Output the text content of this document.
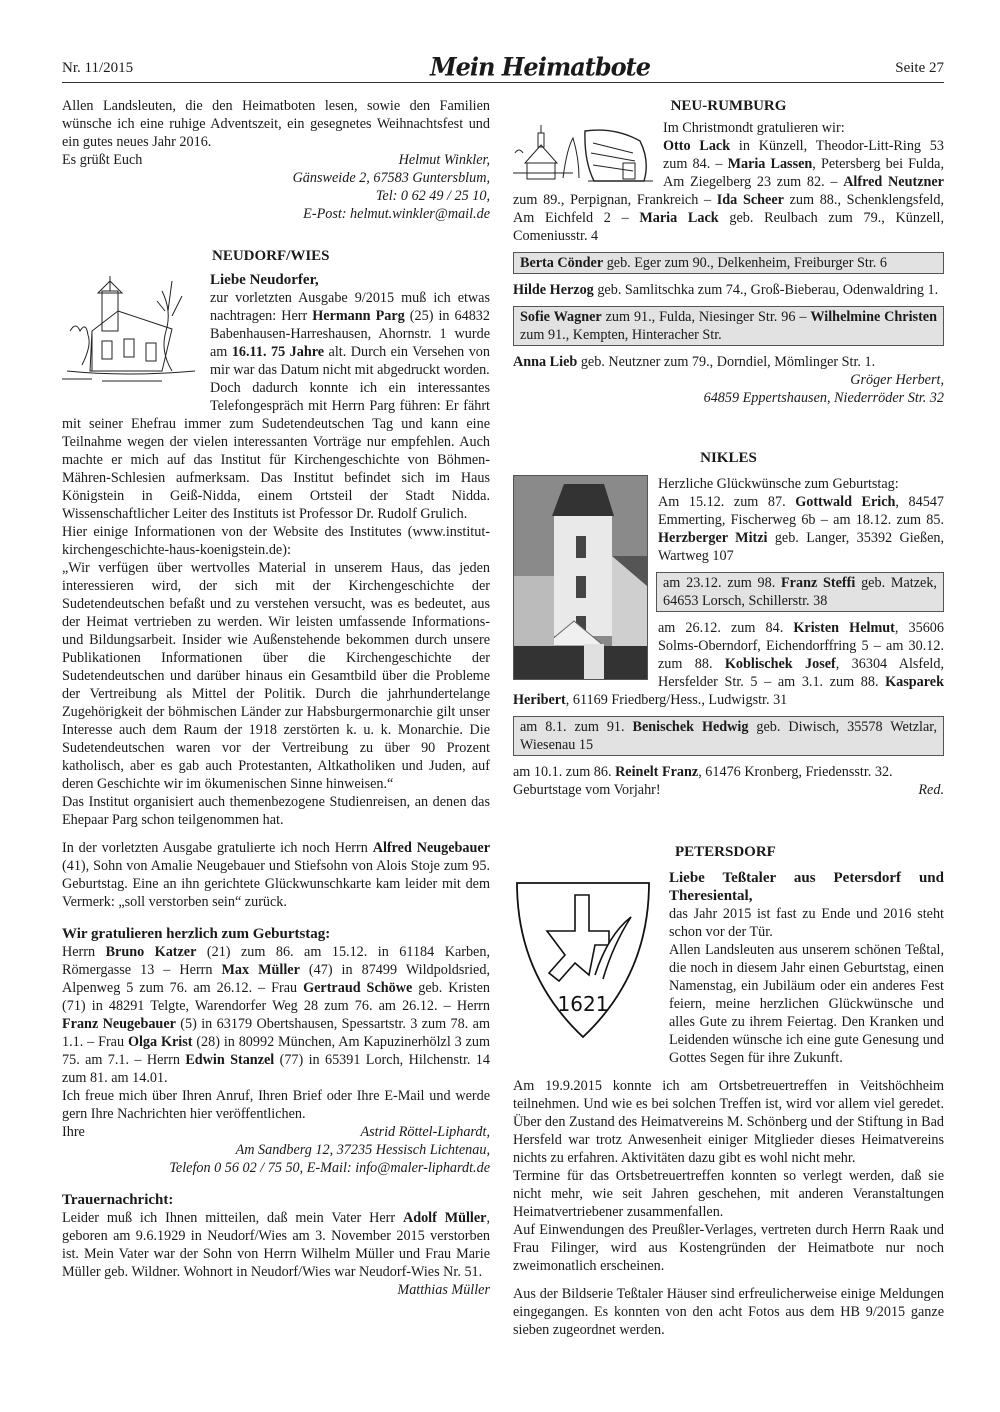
Nr. 11/2015	Mein Heimatbote	Seite 27

Allen Landsleuten, die den Heimatboten lesen, sowie den Familien wünsche ich eine ruhige Adventszeit, ein gesegnetes Weihnachtsfest und ein gutes neues Jahr 2016.

Es grüßt Euch	Helmut Winkler,

Gänsweide 2, 67583 Guntersblum,

Tel: 0 62 49 / 25 10,

E-Post: helmut.winkler@mail.de

NEUDORF/WIES

Liebe Neudorfer,

zur vorletzten Ausgabe 9/2015 muß ich etwas nachtragen: Herr Hermann Parg (25) in 64832 Babenhausen-Harreshausen, Ahornstr. 1 wurde am 16.11. 75 Jahre alt. Durch ein Versehen von mir war das Datum nicht mit abgedruckt worden.

Doch dadurch konnte ich ein interessantes Telefongespräch mit Herrn Parg führen: Er fährt mit seiner Ehefrau immer zum Sudetendeutschen Tag und kann eine Teilnahme wegen der vielen interessanten Vorträge nur empfehlen. Auch machte er mich auf das Institut für Kirchengeschichte von Böhmen-Mähren-Schlesien aufmerksam. Das Institut befindet sich im Haus Königstein in Geiß-Nidda, einem Ortsteil der Stadt Nidda. Wissenschaftlicher Leiter des Instituts ist Professor Dr. Rudolf Grulich.

Hier einige Informationen von der Website des Institutes (www.institut-kirchengeschichte-haus-koenigstein.de):

„Wir verfügen über wertvolles Material in unserem Haus, das jeden interessieren wird, der sich mit der Kirchengeschichte der Sudetendeutschen befaßt und zu verstehen versucht, was es bedeutet, aus der Heimat vertrieben zu werden. Wir leisten umfassende Informations- und Bildungsarbeit. Insider wie Außenstehende bekommen durch unsere Publikationen Informationen über die Kirchengeschichte der Sudetendeutschen und darüber hinaus ein Gesamtbild über die Probleme der Vertreibung als Mittel der Politik. Durch die jahrhundertelange Zugehörigkeit der böhmischen Länder zur Habsburgermonarchie gilt unser Interesse auch dem Raum der 1918 zerstörten k. u. k. Monarchie. Die Sudetendeutschen waren vor der Vertreibung zu über 90 Prozent katholisch, aber es gab auch Protestanten, Altkatholiken und Juden, auf deren Geschichte wir im ökumenischen Sinne hinweisen.“

Das Institut organisiert auch themenbezogene Studienreisen, an denen das Ehepaar Parg schon teilgenommen hat.

In der vorletzten Ausgabe gratulierte ich noch Herrn Alfred Neugebauer (41), Sohn von Amalie Neugebauer und Stiefsohn von Alois Stoje zum 95. Geburtstag. Eine an ihn gerichtete Glückwunschkarte kam leider mit dem Vermerk: „soll verstorben sein“ zurück.

Wir gratulieren herzlich zum Geburtstag:

Herrn Bruno Katzer (21) zum 86. am 15.12. in 61184 Karben, Römergasse 13 – Herrn Max Müller (47) in 87499 Wildpoldsried, Alpenweg 5 zum 76. am 26.12. – Frau Gertraud Schöwe geb. Kristen (71) in 48291 Telgte, Warendorfer Weg 28 zum 76. am 26.12. – Herrn Franz Neugebauer (5) in 63179 Obertshausen, Spessartstr. 3 zum 78. am 1.1. – Frau Olga Krist (28) in 80992 München, Am Kapuzinerhölzl 3 zum 75. am 7.1. – Herrn Edwin Stanzel (77) in 65391 Lorch, Hilchenstr. 14 zum 81. am 14.01.

Ich freue mich über Ihren Anruf, Ihren Brief oder Ihre E-Mail und werde gern Ihre Nachrichten hier veröffentlichen.

Ihre	Astrid Röttel-Liphardt,

Am Sandberg 12, 37235 Hessisch Lichtenau,

Telefon 0 56 02 / 75 50, E-Mail: info@maler-liphardt.de

Trauernachricht:

Leider muß ich Ihnen mitteilen, daß mein Vater Herr Adolf Müller, geboren am 9.6.1929 in Neudorf/Wies am 3. November 2015 verstorben ist. Mein Vater war der Sohn von Herrn Wilhelm Müller und Frau Marie Müller geb. Wildner. Wohnort in Neudorf/Wies war Neudorf-Wies Nr. 51.

Matthias Müller

NEU-RUMBURG

Im Christmondt gratulieren wir:

Otto Lack in Künzell, Theodor-Litt-Ring 53 zum 84. – Maria Lassen, Petersberg bei Fulda, Am Ziegelberg 23 zum 82. – Alfred Neutzner zum 89., Perpignan, Frankreich – Ida Scheer zum 88., Schenklengsfeld, Am Eichfeld 2 – Maria Lack geb. Reulbach zum 79., Künzell, Comeniusstr. 4

Berta Cönder geb. Eger zum 90., Delkenheim, Freiburger Str. 6

Hilde Herzog geb. Samlitschka zum 74., Groß-Bieberau, Odenwaldring 1.

Sofie Wagner zum 91., Fulda, Niesinger Str. 96 – Wilhelmine Christen zum 91., Kempten, Hinteracher Str.

Anna Lieb geb. Neutzner zum 79., Dorndiel, Mömlinger Str. 1.

Gröger Herbert,

64859 Eppertshausen, Niederröder Str. 32

NIKLES

Herzliche Glückwünsche zum Geburtstag:

Am 15.12. zum 87. Gottwald Erich, 84547 Emmerting, Fischerweg 6b – am 18.12. zum 85. Herzberger Mitzi geb. Langer, 35392 Gießen, Wartweg 107

am 23.12. zum 98. Franz Steffi geb. Matzek, 64653 Lorsch, Schillerstr. 38

am 26.12. zum 84. Kristen Helmut, 35606 Solms-Oberndorf, Eichendorffring 5 – am 30.12. zum 88. Koblischek Josef, 36304 Alsfeld, Hersfelder Str. 5 – am 3.1. zum 88. Kasparek Heribert, 61169 Friedberg/Hess., Ludwigstr. 31

am 8.1. zum 91. Benischek Hedwig geb. Diwisch, 35578 Wetzlar, Wiesenau 15

am 10.1. zum 86. Reinelt Franz, 61476 Kronberg, Friedensstr. 32.

Geburtstage vom Vorjahr!	Red.

PETERSDORF

1621

Liebe Teßtaler aus Petersdorf und Theresiental,

das Jahr 2015 ist fast zu Ende und 2016 steht schon vor der Tür.

Allen Landsleuten aus unserem schönen Teßtal, die noch in diesem Jahr einen Geburtstag, einen Namenstag, ein Jubiläum oder ein anderes Fest feiern, meine herzlichen Glückwünsche und alles Gute zu ihrem Feiertag. Den Kranken und Leidenden wünsche ich eine gute Genesung und Gottes Segen für ihre Zukunft.

Am 19.9.2015 konnte ich am Ortsbetreuertreffen in Veitshöchheim teilnehmen. Und wie es bei solchen Treffen ist, wird vor allem viel geredet. Über den Zustand des Heimatvereins M. Schönberg und der Stiftung in Bad Hersfeld war trotz Anwesenheit einiger Mitglieder dieses Heimatvereins nichts zu erfahren. Aktivitäten dazu gibt es wohl nicht mehr.

Termine für das Ortsbetreuertreffen konnten so verlegt werden, daß sie nicht mehr, wie seit Jahren geschehen, mit anderen Veranstaltungen Heimatvertriebener zusammenfallen.

Auf Einwendungen des Preußler-Verlages, vertreten durch Herrn Raak und Frau Filinger, wird aus Kostengründen der Heimatbote nur noch zweimonatlich erscheinen.

Aus der Bildserie Teßtaler Häuser sind erfreulicherweise einige Meldungen eingegangen. Es konnten von den acht Fotos aus dem HB 9/2015 ganze sieben zugeordnet werden.
